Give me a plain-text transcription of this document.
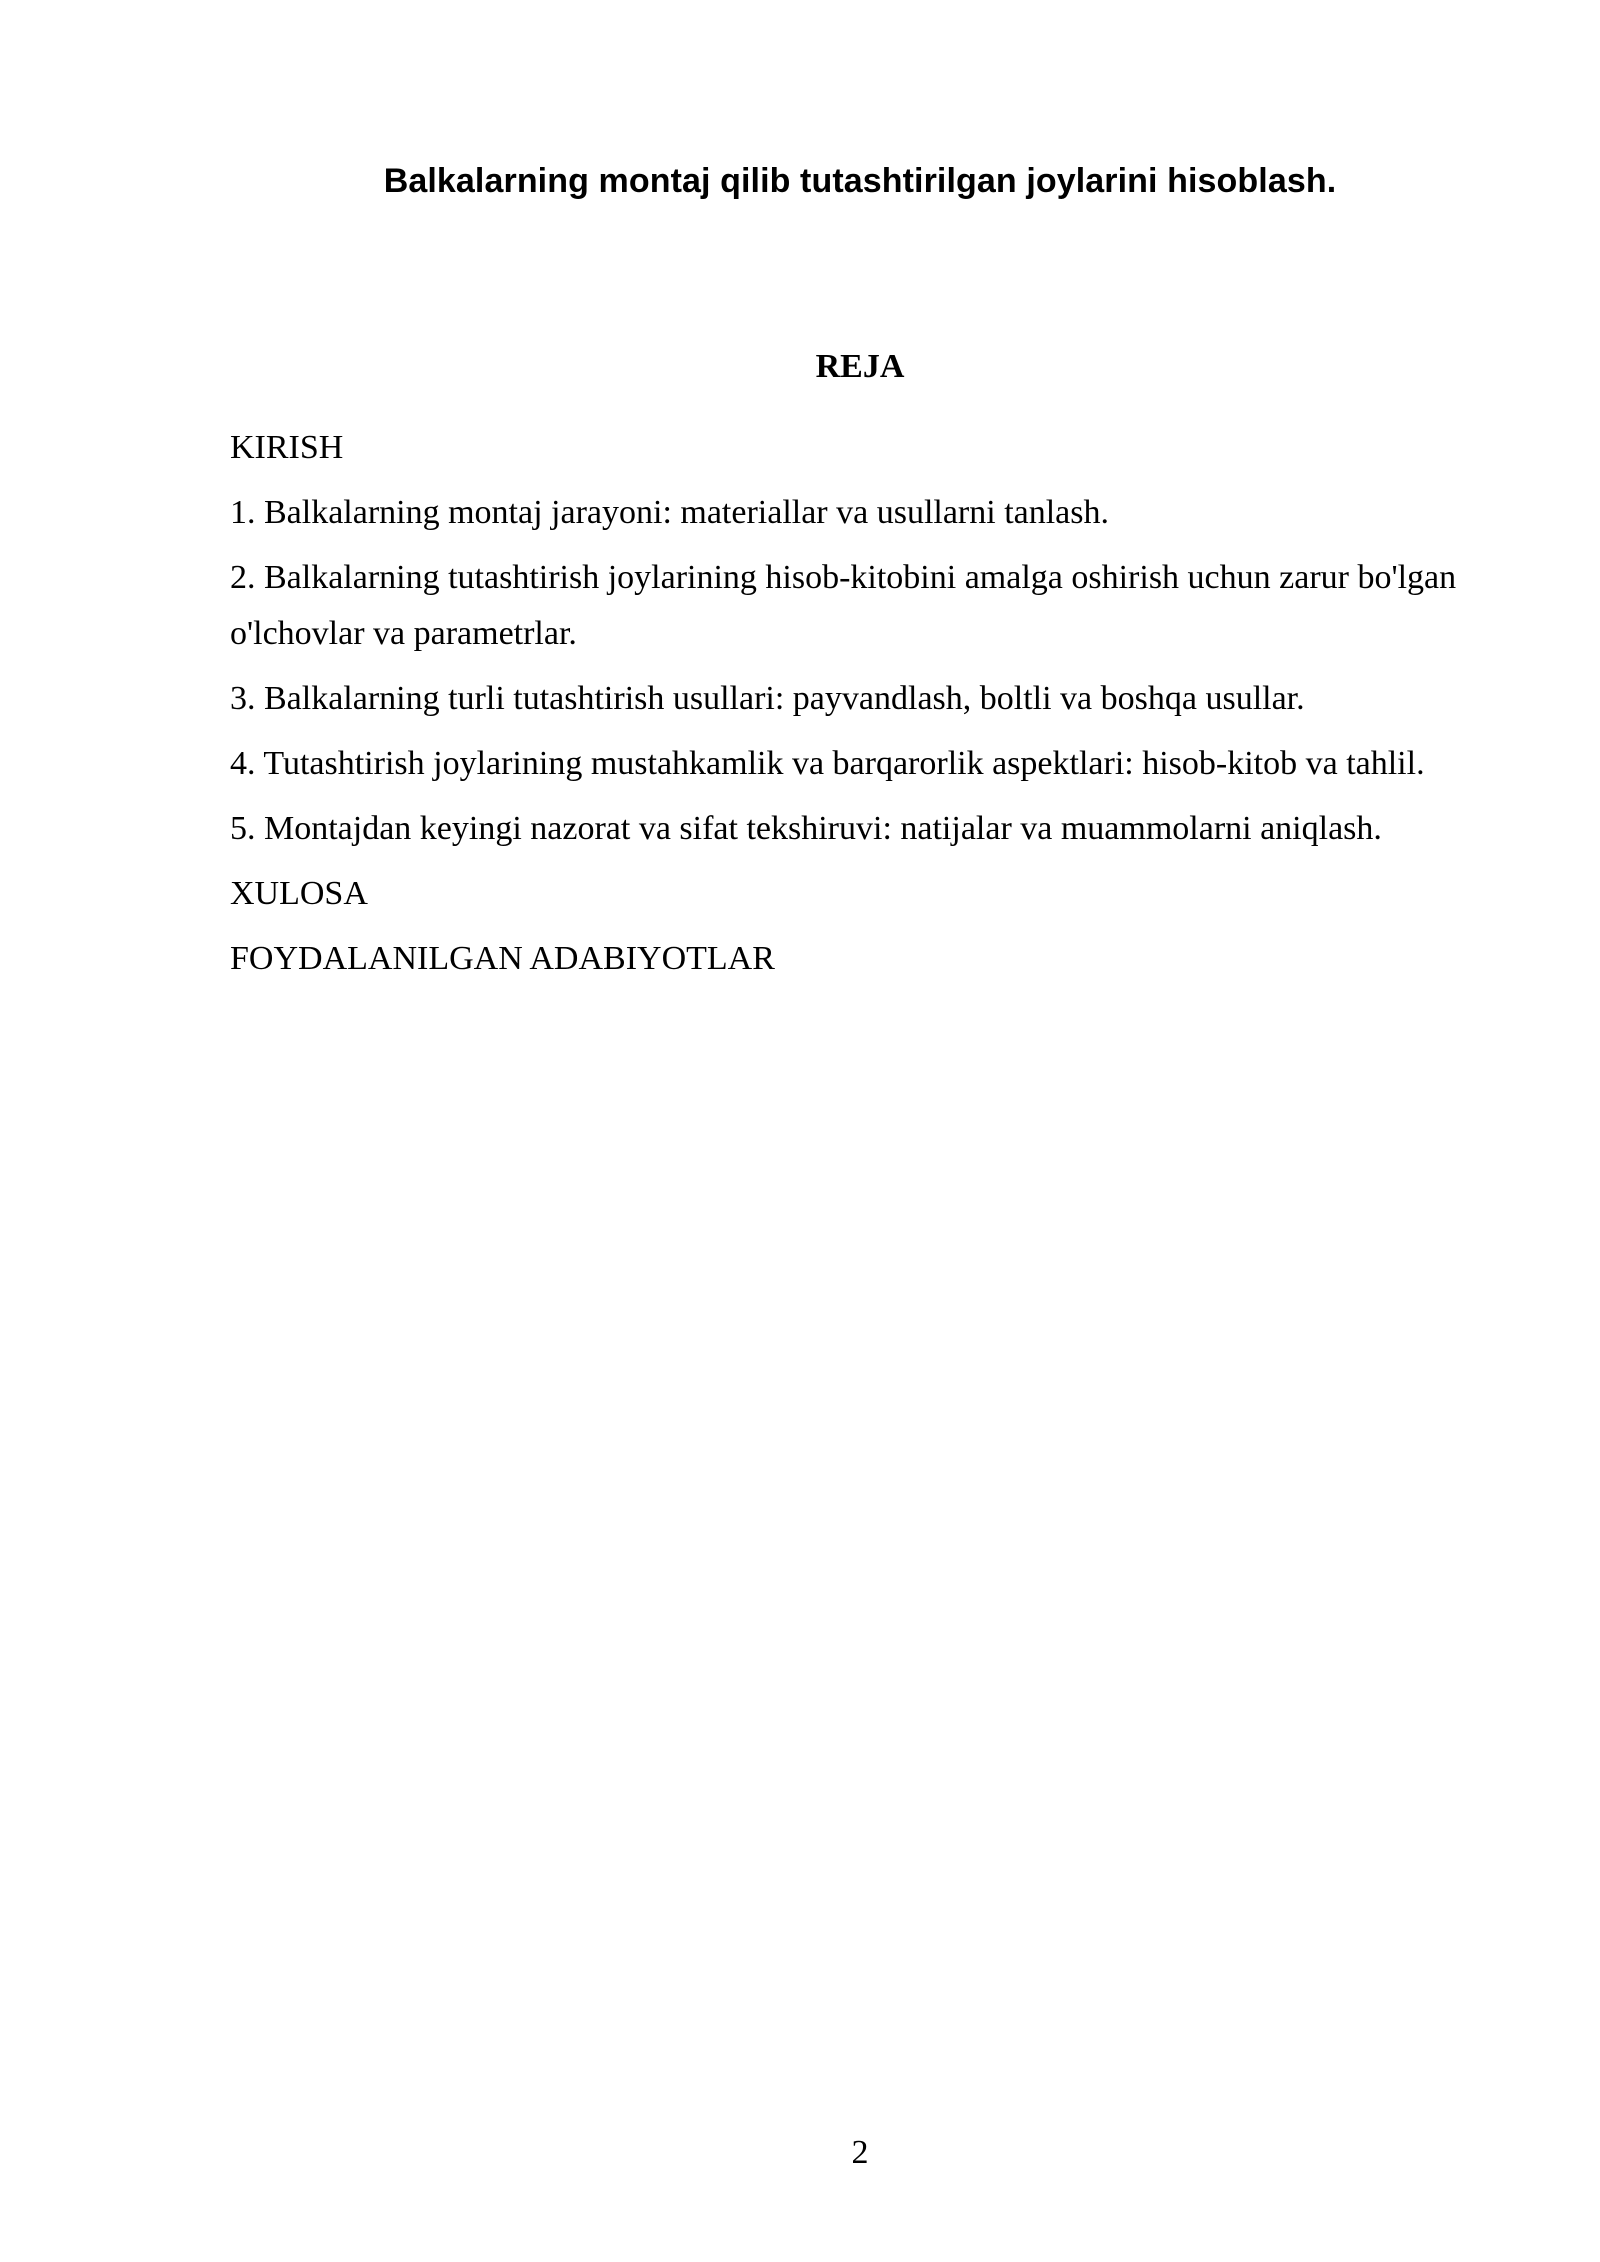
Balkalarning montaj qilib tutashtirilgan joylarini hisoblash.
REJA

KIRISH

1. Balkalarning montaj jarayoni: materiallar va usullarni tanlash.

2. Balkalarning tutashtirish joylarining hisob-kitobini amalga oshirish uchun zarur bo'lgan o'lchovlar va parametrlar.

3. Balkalarning turli tutashtirish usullari: payvandlash, boltli va boshqa usullar.

4. Tutashtirish joylarining mustahkamlik va barqarorlik aspektlari: hisob-kitob va tahlil.

5. Montajdan keyingi nazorat va sifat tekshiruvi: natijalar va muammolarni aniqlash.

XULOSA

FOYDALANILGAN ADABIYOTLAR

2
